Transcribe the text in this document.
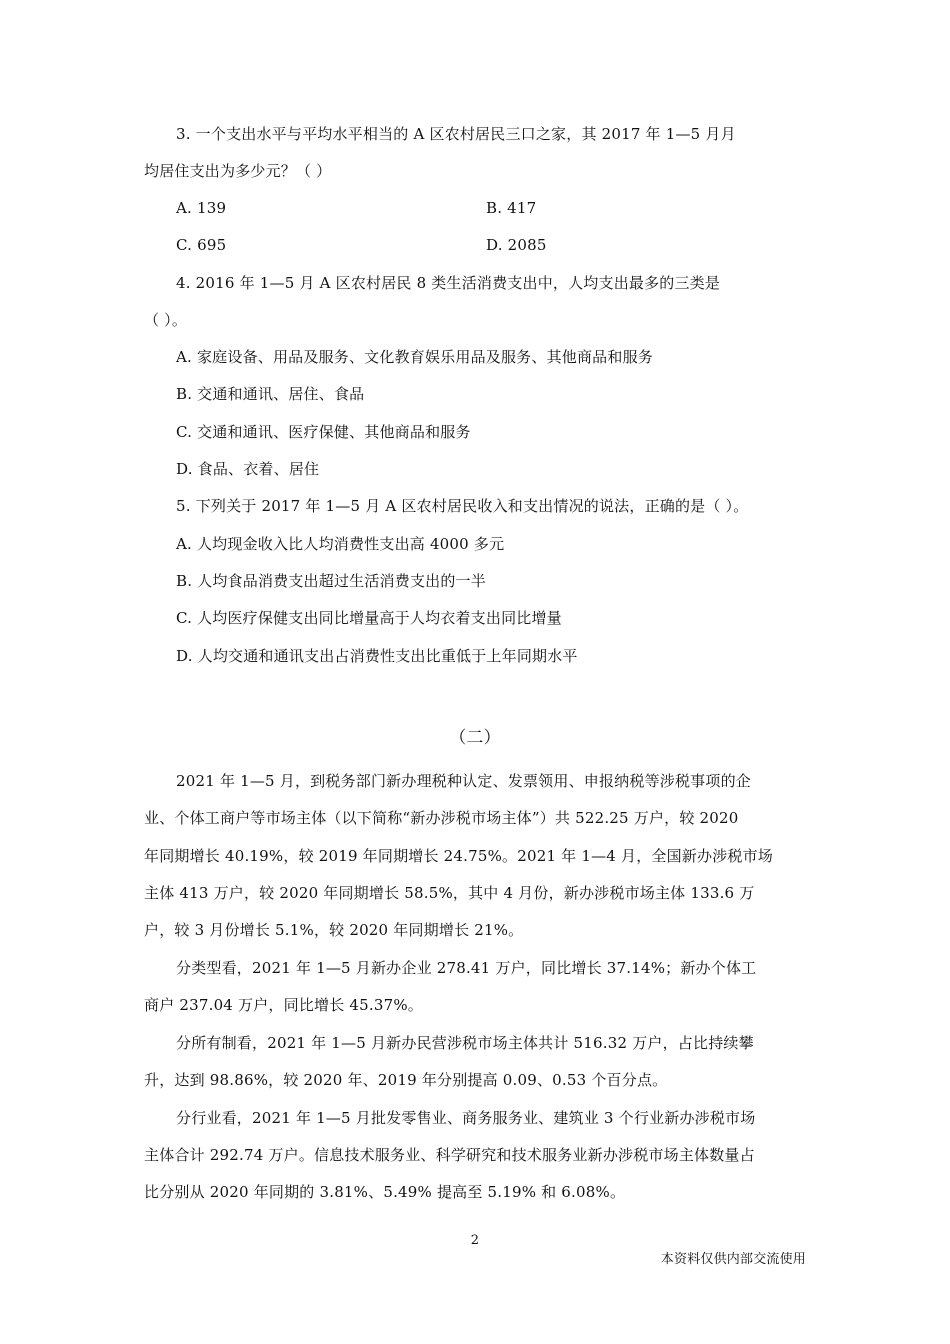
3. 一个支出水平与平均水平相当的 A 区农村居民三口之家，其 2017 年 1—5 月月
均居住支出为多少元？（ ）
A. 139	B. 417
C. 695	D. 2085
4. 2016 年 1—5 月 A 区农村居民 8 类生活消费支出中，人均支出最多的三类是
（ ）。
A. 家庭设备、用品及服务、文化教育娱乐用品及服务、其他商品和服务
B. 交通和通讯、居住、食品
C. 交通和通讯、医疗保健、其他商品和服务
D. 食品、衣着、居住
5. 下列关于 2017 年 1—5 月 A 区农村居民收入和支出情况的说法，正确的是（ ）。
A. 人均现金收入比人均消费性支出高 4000 多元
B. 人均食品消费支出超过生活消费支出的一半
C. 人均医疗保健支出同比增量高于人均衣着支出同比增量
D. 人均交通和通讯支出占消费性支出比重低于上年同期水平
（二）
2021 年 1—5 月，到税务部门新办理税种认定、发票领用、申报纳税等涉税事项的企
业、个体工商户等市场主体（以下简称“新办涉税市场主体”）共 522.25 万户，较 2020
年同期增长 40.19%，较 2019 年同期增长 24.75%。2021 年 1—4 月，全国新办涉税市场
主体 413 万户，较 2020 年同期增长 58.5%，其中 4 月份，新办涉税市场主体 133.6 万
户，较 3 月份增长 5.1%，较 2020 年同期增长 21%。
分类型看，2021 年 1—5 月新办企业 278.41 万户，同比增长 37.14%；新办个体工
商户 237.04 万户，同比增长 45.37%。
分所有制看，2021 年 1—5 月新办民营涉税市场主体共计 516.32 万户，占比持续攀
升，达到 98.86%，较 2020 年、2019 年分别提高 0.09、0.53 个百分点。
分行业看，2021 年 1—5 月批发零售业、商务服务业、建筑业 3 个行业新办涉税市场
主体合计 292.74 万户。信息技术服务业、科学研究和技术服务业新办涉税市场主体数量占
比分别从 2020 年同期的 3.81%、5.49% 提高至 5.19% 和 6.08%。
2
本资料仅供内部交流使用
